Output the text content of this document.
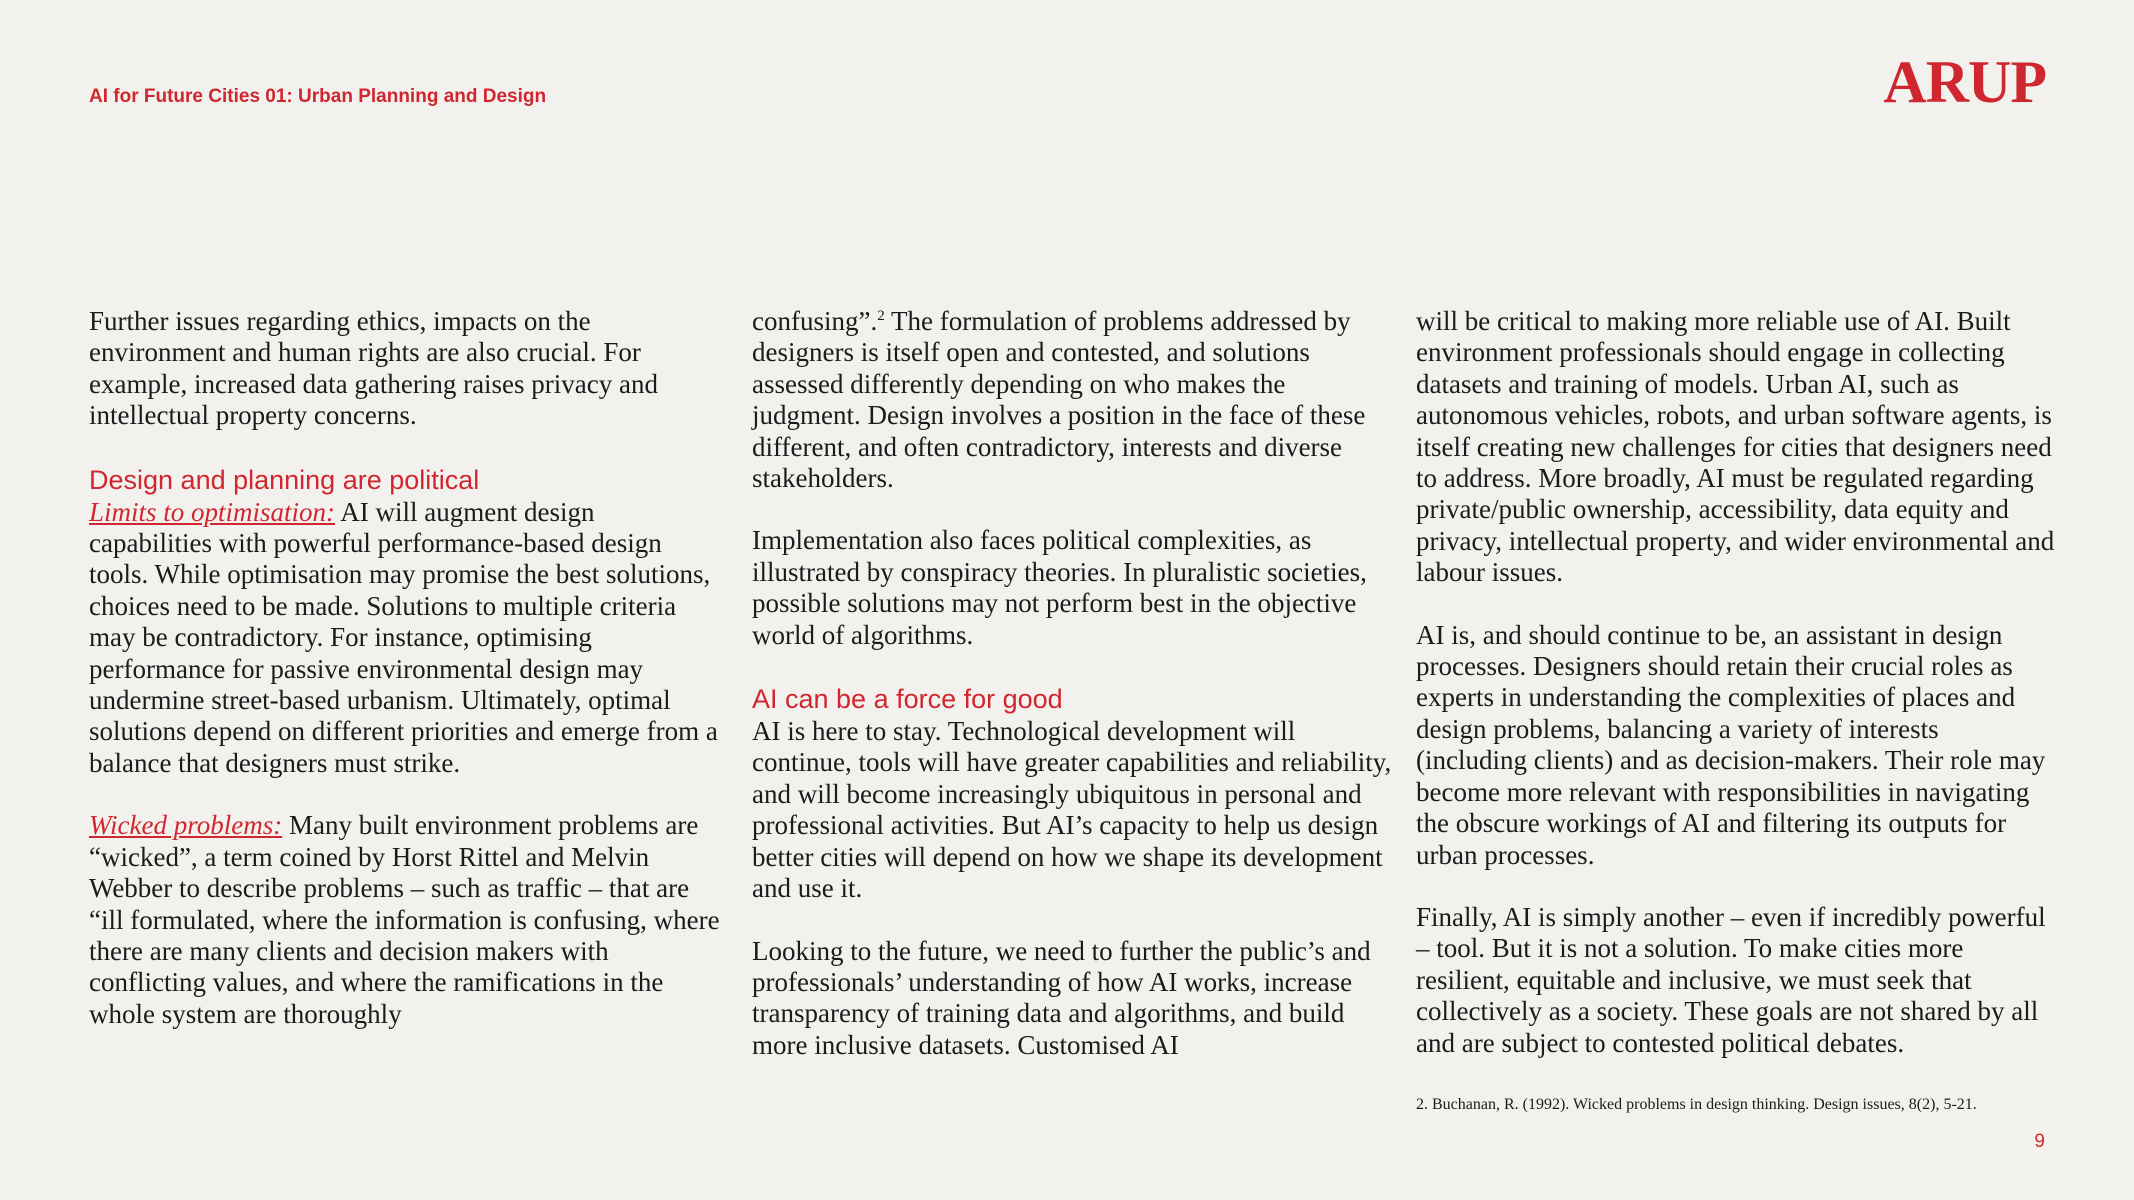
AI for Future Cities 01: Urban Planning and Design	ARUP

Further issues regarding ethics, impacts on the environment and human rights are also crucial. For example, increased data gathering raises privacy and intellectual property concerns.

Design and planning are political

Limits to optimisation: AI will augment design capabilities with powerful performance-based design tools. While optimisation may promise the best solutions, choices need to be made. Solutions to multiple criteria may be contradictory. For instance, optimising performance for passive environmental design may undermine street-based urbanism. Ultimately, optimal solutions depend on different priorities and emerge from a balance that designers must strike.

Wicked problems: Many built environment problems are “wicked”, a term coined by Horst Rittel and Melvin Webber to describe problems – such as traffic – that are “ill formulated, where the information is confusing, where there are many clients and decision makers with conflicting values, and where the ramifications in the whole system are thoroughly

confusing”.$^2$ The formulation of problems addressed by designers is itself open and contested, and solutions assessed differently depending on who makes the judgment. Design involves a position in the face of these different, and often contradictory, interests and diverse stakeholders.

Implementation also faces political complexities, as illustrated by conspiracy theories. In pluralistic societies, possible solutions may not perform best in the objective world of algorithms.

AI can be a force for good

AI is here to stay. Technological development will continue, tools will have greater capabilities and reliability, and will become increasingly ubiquitous in personal and professional activities. But AI’s capacity to help us design better cities will depend on how we shape its development and use it.

Looking to the future, we need to further the public’s and professionals’ understanding of how AI works, increase transparency of training data and algorithms, and build more inclusive datasets. Customised AI

will be critical to making more reliable use of AI. Built environment professionals should engage in collecting datasets and training of models. Urban AI, such as autonomous vehicles, robots, and urban software agents, is itself creating new challenges for cities that designers need to address. More broadly, AI must be regulated regarding private/public ownership, accessibility, data equity and privacy, intellectual property, and wider environmental and labour issues.

AI is, and should continue to be, an assistant in design processes. Designers should retain their crucial roles as experts in understanding the complexities of places and design problems, balancing a variety of interests (including clients) and as decision-makers. Their role may become more relevant with responsibilities in navigating the obscure workings of AI and filtering its outputs for urban processes.

Finally, AI is simply another – even if incredibly powerful – tool. But it is not a solution. To make cities more resilient, equitable and inclusive, we must seek that collectively as a society. These goals are not shared by all and are subject to contested political debates.

2. Buchanan, R. (1992). Wicked problems in design thinking. Design issues, 8(2), 5-21.
9
